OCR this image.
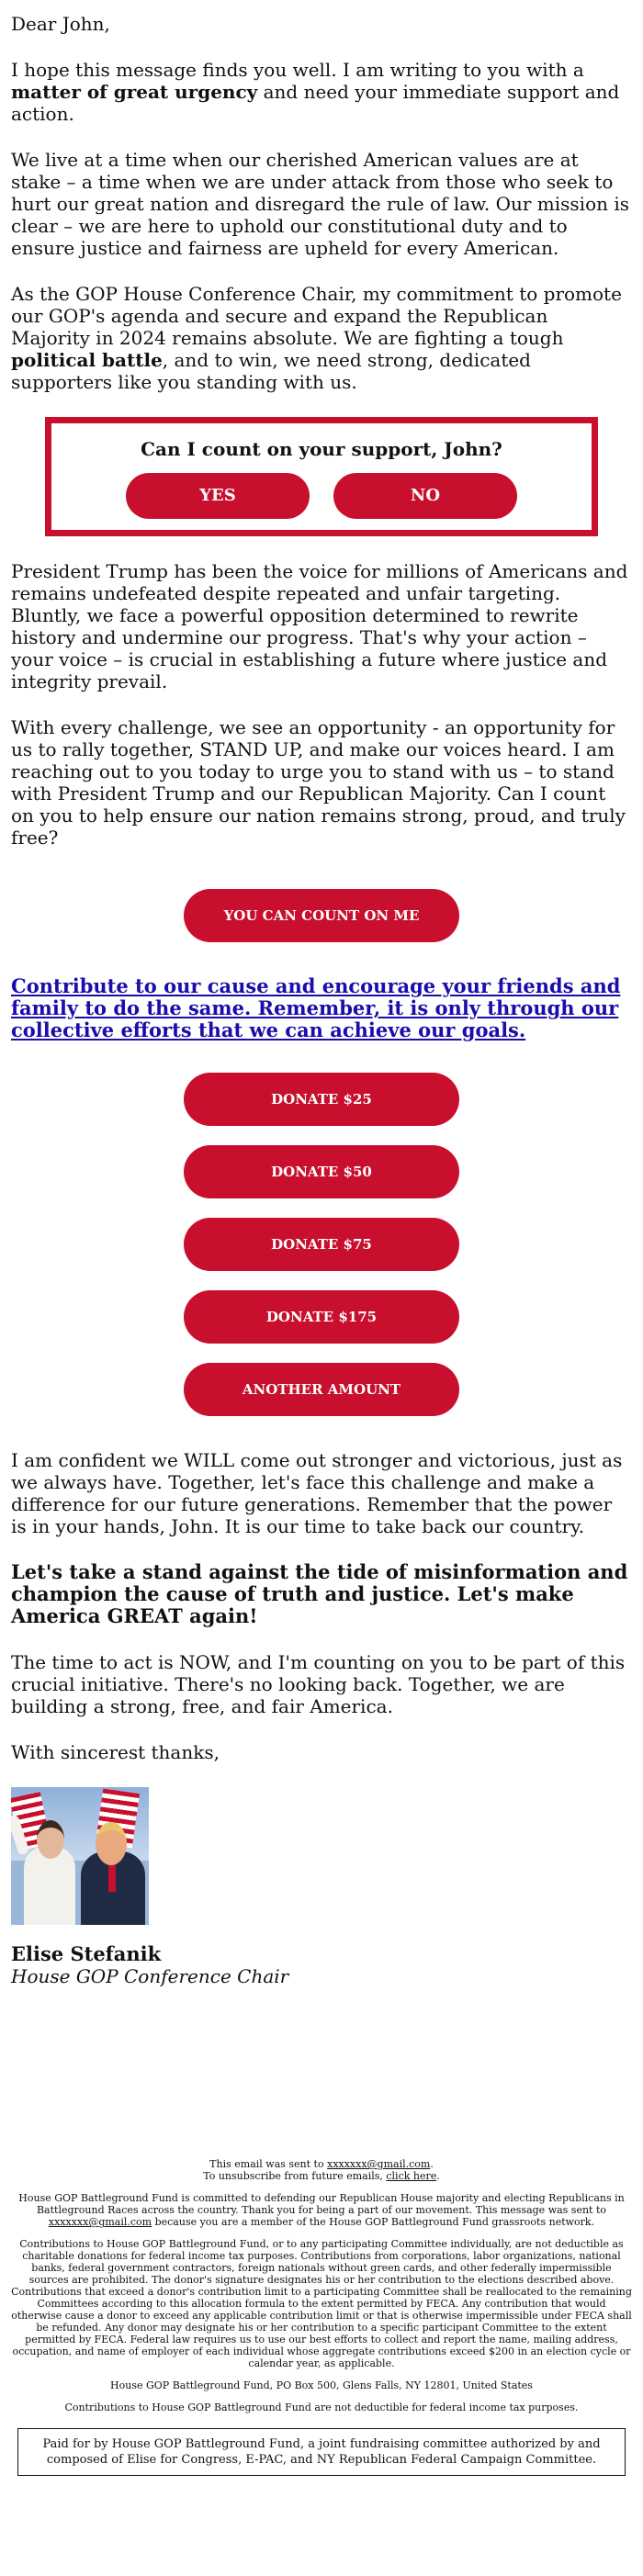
Dear John,

I hope this message finds you well. I am writing to you with a matter of great urgency and need your immediate support and action.

We live at a time when our cherished American values are at stake – a time when we are under attack from those who seek to hurt our great nation and disregard the rule of law. Our mission is clear – we are here to uphold our constitutional duty and to ensure justice and fairness are upheld for every American.

As the GOP House Conference Chair, my commitment to promote our GOP's agenda and secure and expand the Republican Majority in 2024 remains absolute. We are fighting a tough political battle, and to win, we need strong, dedicated supporters like you standing with us.

Can I count on your support, John?
YES	NO

President Trump has been the voice for millions of Americans and remains undefeated despite repeated and unfair targeting. Bluntly, we face a powerful opposition determined to rewrite history and undermine our progress. That's why your action – your voice – is crucial in establishing a future where justice and integrity prevail.

With every challenge, we see an opportunity - an opportunity for us to rally together, STAND UP, and make our voices heard. I am reaching out to you today to urge you to stand with us – to stand with President Trump and our Republican Majority. Can I count on you to help ensure our nation remains strong, proud, and truly free?

YOU CAN COUNT ON ME
Contribute to our cause and encourage your friends and family to do the same. Remember, it is only through our collective efforts that we can achieve our goals.
DONATE $25
DONATE $50
DONATE $75
DONATE $175
ANOTHER AMOUNT

I am confident we WILL come out stronger and victorious, just as we always have. Together, let's face this challenge and make a difference for our future generations. Remember that the power is in your hands, John. It is our time to take back our country.

Let's take a stand against the tide of misinformation and champion the cause of truth and justice. Let's make America GREAT again!

The time to act is NOW, and I'm counting on you to be part of this crucial initiative. There's no looking back. Together, we are building a strong, free, and fair America.

With sincerest thanks,

Elise Stefanik
House GOP Conference Chair

This email was sent to xxxxxxx@gmail.com.

To unsubscribe from future emails, click here.

House GOP Battleground Fund is committed to defending our Republican House majority and electing Republicans in Battleground Races across the country. Thank you for being a part of our movement. This message was sent to xxxxxxx@gmail.com because you are a member of the House GOP Battleground Fund grassroots network.

Contributions to House GOP Battleground Fund, or to any participating Committee individually, are not deductible as charitable donations for federal income tax purposes. Contributions from corporations, labor organizations, national banks, federal government contractors, foreign nationals without green cards, and other federally impermissible sources are prohibited. The donor's signature designates his or her contribution to the elections described above. Contributions that exceed a donor's contribution limit to a participating Committee shall be reallocated to the remaining Committees according to this allocation formula to the extent permitted by FECA. Any contribution that would otherwise cause a donor to exceed any applicable contribution limit or that is otherwise impermissible under FECA shall be refunded. Any donor may designate his or her contribution to a specific participant Committee to the extent permitted by FECA. Federal law requires us to use our best efforts to collect and report the name, mailing address, occupation, and name of employer of each individual whose aggregate contributions exceed $200 in an election cycle or calendar year, as applicable.

House GOP Battleground Fund, PO Box 500, Glens Falls, NY 12801, United States

Contributions to House GOP Battleground Fund are not deductible for federal income tax purposes.

Paid for by House GOP Battleground Fund, a joint fundraising committee authorized by and composed of Elise for Congress, E-PAC, and NY Republican Federal Campaign Committee.
